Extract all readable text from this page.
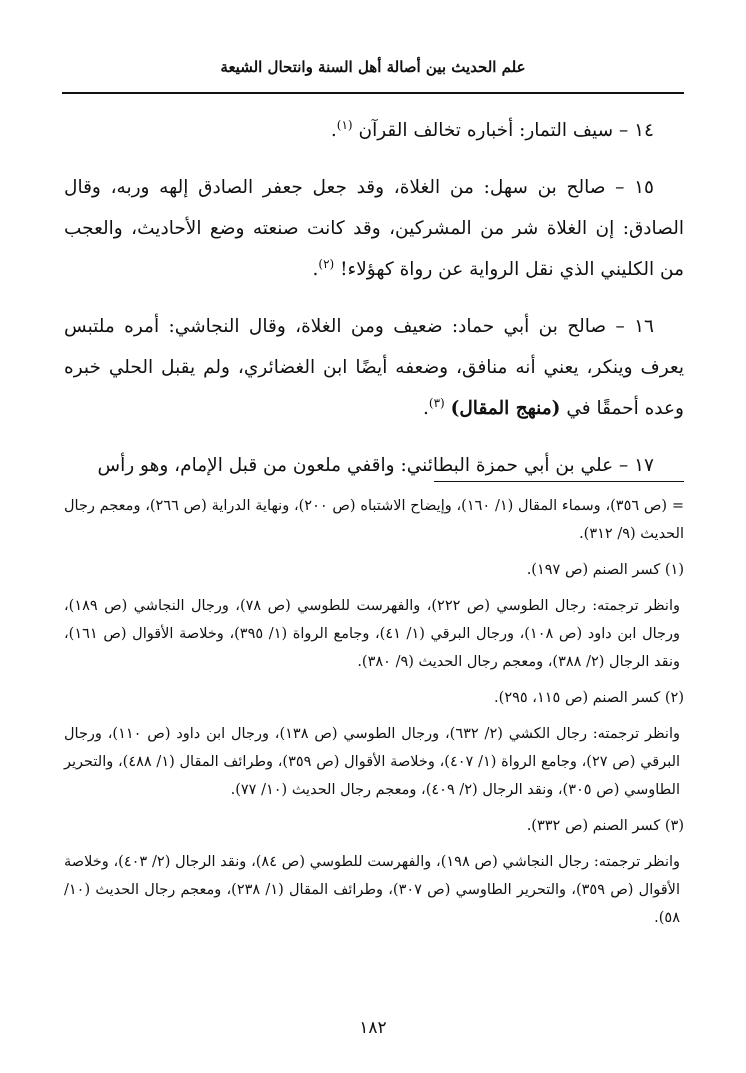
علم الحديث بين أصالة أهل السنة وانتحال الشيعة

١٤ – سيف التمار: أخباره تخالف القرآن $^{(١)}$.

١٥ – صالح بن سهل: من الغلاة، وقد جعل جعفر الصادق إلهه وربه، وقال الصادق: إن الغلاة شر من المشركين، وقد كانت صنعته وضع الأحاديث، والعجب من الكليني الذي نقل الرواية عن رواة كهؤلاء! $^{(٢)}$.

١٦ – صالح بن أبي حماد: ضعيف ومن الغلاة، وقال النجاشي: أمره ملتبس يعرف وينكر، يعني أنه منافق، وضعفه أيضًا ابن الغضائري، ولم يقبل الحلي خبره وعده أحمقًا في (منهج المقال) $^{(٣)}$.

١٧ – علي بن أبي حمزة البطائني: واقفي ملعون من قبل الإمام، وهو رأس

= (ص ٣٥٦)، وسماء المقال (١/ ١٦٠)، وإيضاح الاشتباه (ص ٢٠٠)، ونهاية الدراية (ص ٢٦٦)، ومعجم رجال الحديث (٩/ ٣١٢).

(١) كسر الصنم (ص ١٩٧).

وانظر ترجمته: رجال الطوسي (ص ٢٢٢)، والفهرست للطوسي (ص ٧٨)، ورجال النجاشي (ص ١٨٩)، ورجال ابن داود (ص ١٠٨)، ورجال البرقي (١/ ٤١)، وجامع الرواة (١/ ٣٩٥)، وخلاصة الأقوال (ص ١٦١)، ونقد الرجال (٢/ ٣٨٨)، ومعجم رجال الحديث (٩/ ٣٨٠).

(٢) كسر الصنم (ص ١١٥، ٢٩٥).

وانظر ترجمته: رجال الكشي (٢/ ٦٣٢)، ورجال الطوسي (ص ١٣٨)، ورجال ابن داود (ص ١١٠)، ورجال البرقي (ص ٢٧)، وجامع الرواة (١/ ٤٠٧)، وخلاصة الأقوال (ص ٣٥٩)، وطرائف المقال (١/ ٤٨٨)، والتحرير الطاوسي (ص ٣٠٥)، ونقد الرجال (٢/ ٤٠٩)، ومعجم رجال الحديث (١٠/ ٧٧).

(٣) كسر الصنم (ص ٣٣٢).

وانظر ترجمته: رجال النجاشي (ص ١٩٨)، والفهرست للطوسي (ص ٨٤)، ونقد الرجال (٢/ ٤٠٣)، وخلاصة الأقوال (ص ٣٥٩)، والتحرير الطاوسي (ص ٣٠٧)، وطرائف المقال (١/ ٢٣٨)، ومعجم رجال الحديث (١٠/ ٥٨).

١٨٢
